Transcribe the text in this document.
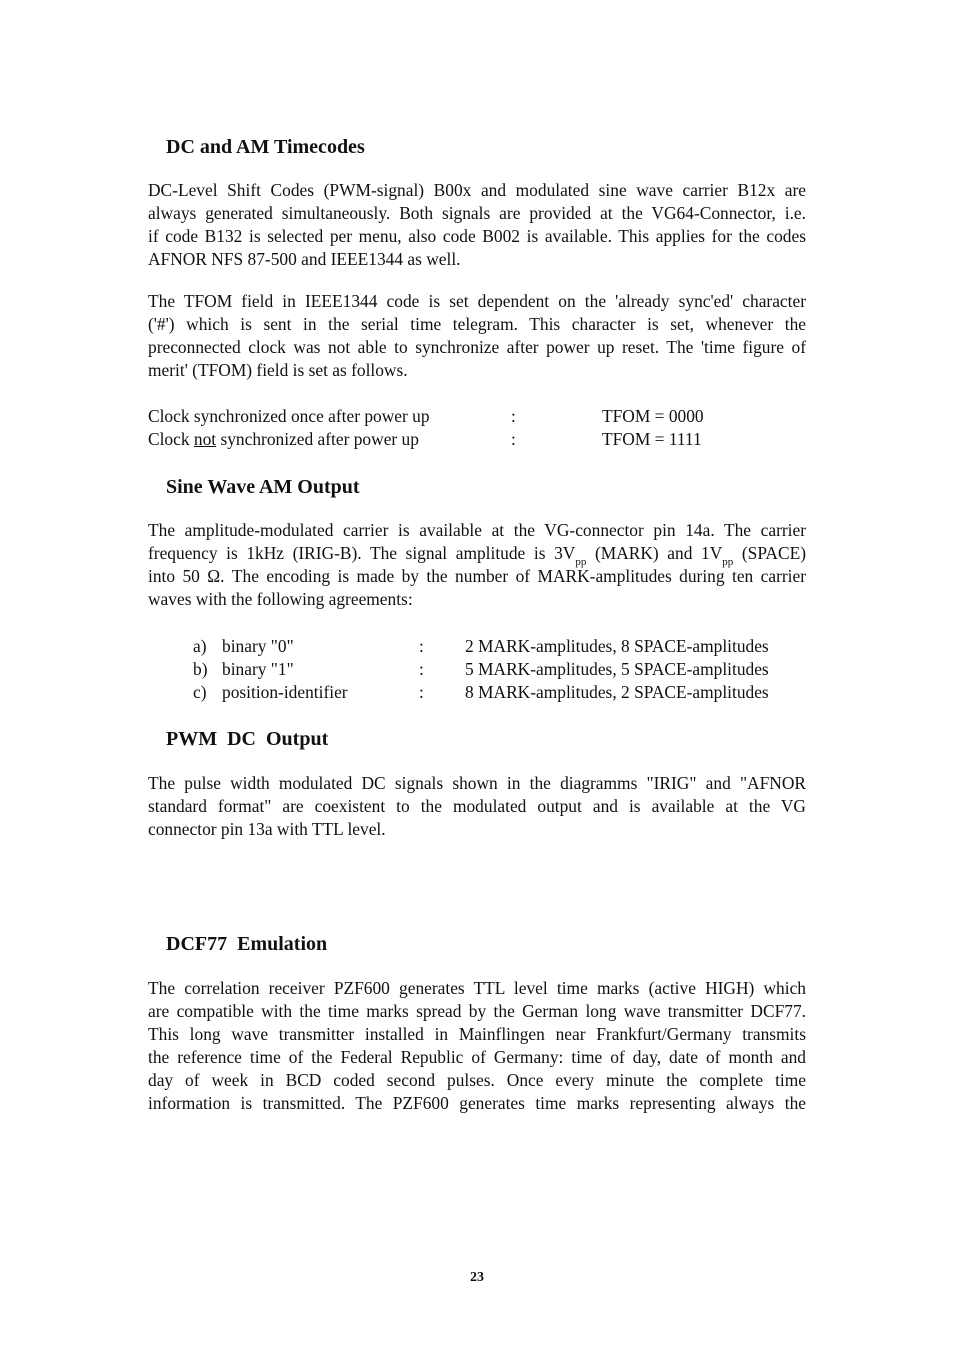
DC and AM Timecodes
DC-Level Shift Codes (PWM-signal) B00x and modulated sine wave carrier B12x are
always generated simultaneously. Both signals are provided at the VG64-Connector, i.e.
if code B132 is selected per menu, also code B002 is available. This applies for the codes
AFNOR NFS 87-500 and IEEE1344 as well.
The TFOM field in IEEE1344 code is set dependent on the 'already sync'ed' character
('#') which is sent in the serial time telegram. This character is set, whenever the
preconnected clock was not able to synchronize after power up reset. The 'time figure of
merit' (TFOM) field is set as follows.
Clock synchronized once after power up	:	TFOM = 0000
Clock not synchronized after power up	:	TFOM = 1111
Sine Wave AM Output
The amplitude-modulated carrier is available at the VG-connector pin 14a. The carrier
frequency is 1kHz (IRIG-B). The signal amplitude is $3V_{pp}$ (MARK) and $1V_{pp}$ (SPACE)
into 50 Ω. The encoding is made by the number of MARK-amplitudes during ten carrier
waves with the following agreements:
a) binary "0"	: 2 MARK-amplitudes, 8 SPACE-amplitudes
b) binary "1"	: 5 MARK-amplitudes, 5 SPACE-amplitudes
c) position-identifier	: 8 MARK-amplitudes, 2 SPACE-amplitudes
PWM  DC  Output
The pulse width modulated DC signals shown in the diagramms "IRIG" and "AFNOR
standard format" are coexistent to the modulated output and is available at the VG
connector pin 13a with TTL level.
DCF77  Emulation
The correlation receiver PZF600 generates TTL level time marks (active HIGH) which
are compatible with the time marks spread by the German long wave transmitter DCF77.
This long wave transmitter installed in Mainflingen near Frankfurt/Germany transmits
the reference time of the Federal Republic of Germany: time of day, date of month and
day of week in BCD coded second pulses. Once every minute the complete time
information is transmitted. The PZF600 generates time marks representing always the
23
